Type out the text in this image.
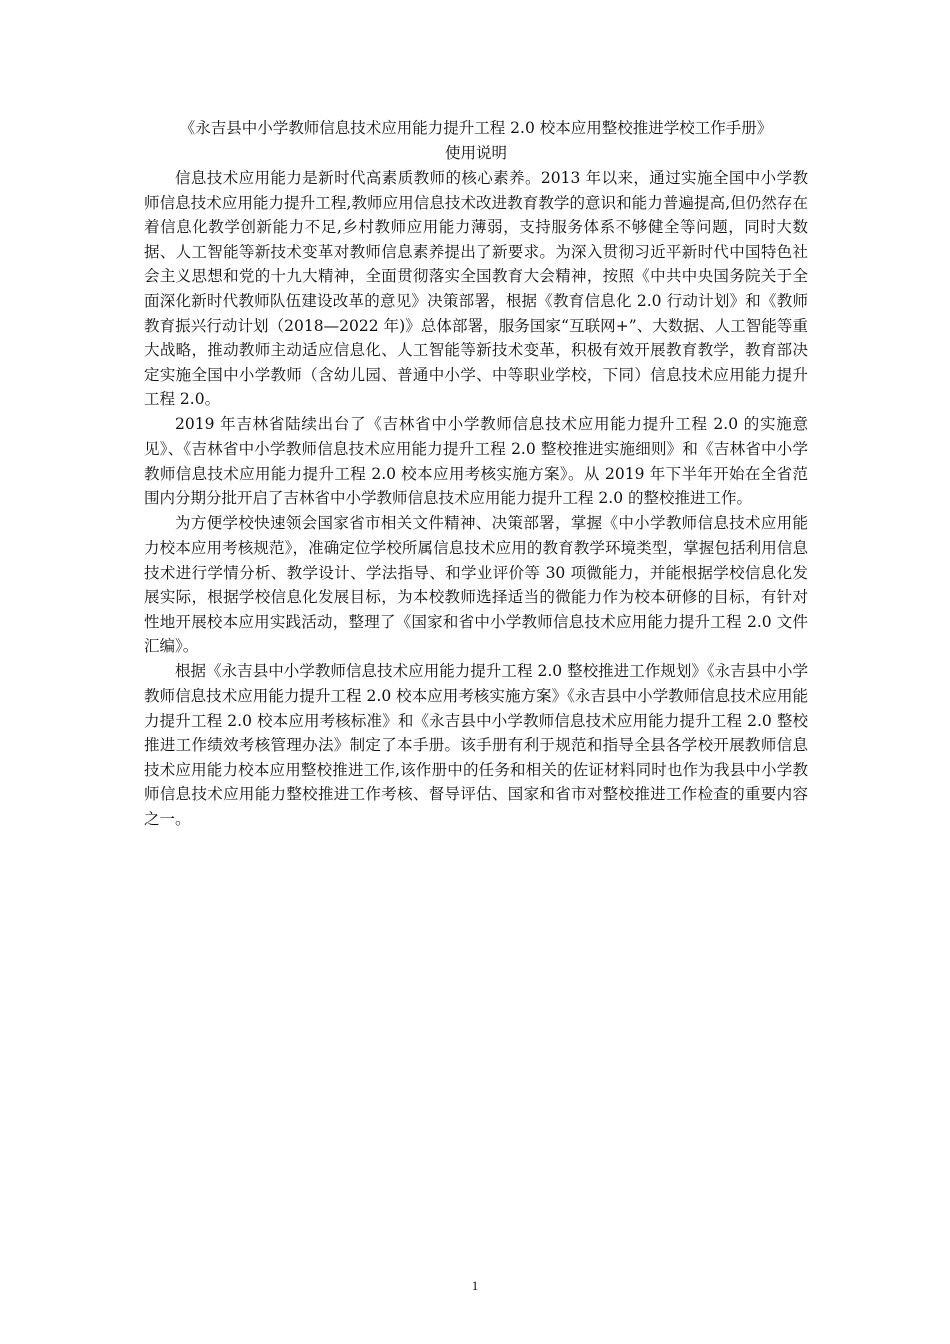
《永吉县中小学教师信息技术应用能力提升工程 2.0 校本应用整校推进学校工作手册》

使用说明

信息技术应用能力是新时代高素质教师的核心素养。2013 年以来，通过实施全国中小学教师信息技术应用能力提升工程,教师应用信息技术改进教育教学的意识和能力普遍提高,但仍然存在着信息化教学创新能力不足,乡村教师应用能力薄弱，支持服务体系不够健全等问题，同时大数据、人工智能等新技术变革对教师信息素养提出了新要求。为深入贯彻习近平新时代中国特色社会主义思想和党的十九大精神，全面贯彻落实全国教育大会精神，按照《中共中央国务院关于全面深化新时代教师队伍建设改革的意见》决策部署，根据《教育信息化 2.0 行动计划》和《教师教育振兴行动计划（2018—2022 年)》总体部署，服务国家“互联网+”、大数据、人工智能等重大战略，推动教师主动适应信息化、人工智能等新技术变革，积极有效开展教育教学，教育部决定实施全国中小学教师（含幼儿园、普通中小学、中等职业学校，下同）信息技术应用能力提升工程 2.0。

2019 年吉林省陆续出台了《吉林省中小学教师信息技术应用能力提升工程 2.0 的实施意见》、《吉林省中小学教师信息技术应用能力提升工程 2.0 整校推进实施细则》和《吉林省中小学教师信息技术应用能力提升工程 2.0 校本应用考核实施方案》。从 2019 年下半年开始在全省范围内分期分批开启了吉林省中小学教师信息技术应用能力提升工程 2.0 的整校推进工作。

为方便学校快速领会国家省市相关文件精神、决策部署，掌握《中小学教师信息技术应用能力校本应用考核规范》，准确定位学校所属信息技术应用的教育教学环境类型，掌握包括利用信息技术进行学情分析、教学设计、学法指导、和学业评价等 30 项微能力，并能根据学校信息化发展实际，根据学校信息化发展目标，为本校教师选择适当的微能力作为校本研修的目标，有针对性地开展校本应用实践活动，整理了《国家和省中小学教师信息技术应用能力提升工程 2.0 文件汇编》。

根据《永吉县中小学教师信息技术应用能力提升工程 2.0 整校推进工作规划》《永吉县中小学教师信息技术应用能力提升工程 2.0 校本应用考核实施方案》《永吉县中小学教师信息技术应用能力提升工程 2.0 校本应用考核标准》和《永吉县中小学教师信息技术应用能力提升工程 2.0 整校推进工作绩效考核管理办法》制定了本手册。该手册有利于规范和指导全县各学校开展教师信息技术应用能力校本应用整校推进工作,该作册中的任务和相关的佐证材料同时也作为我县中小学教师信息技术应用能力整校推进工作考核、督导评估、国家和省市对整校推进工作检查的重要内容之一。

1
